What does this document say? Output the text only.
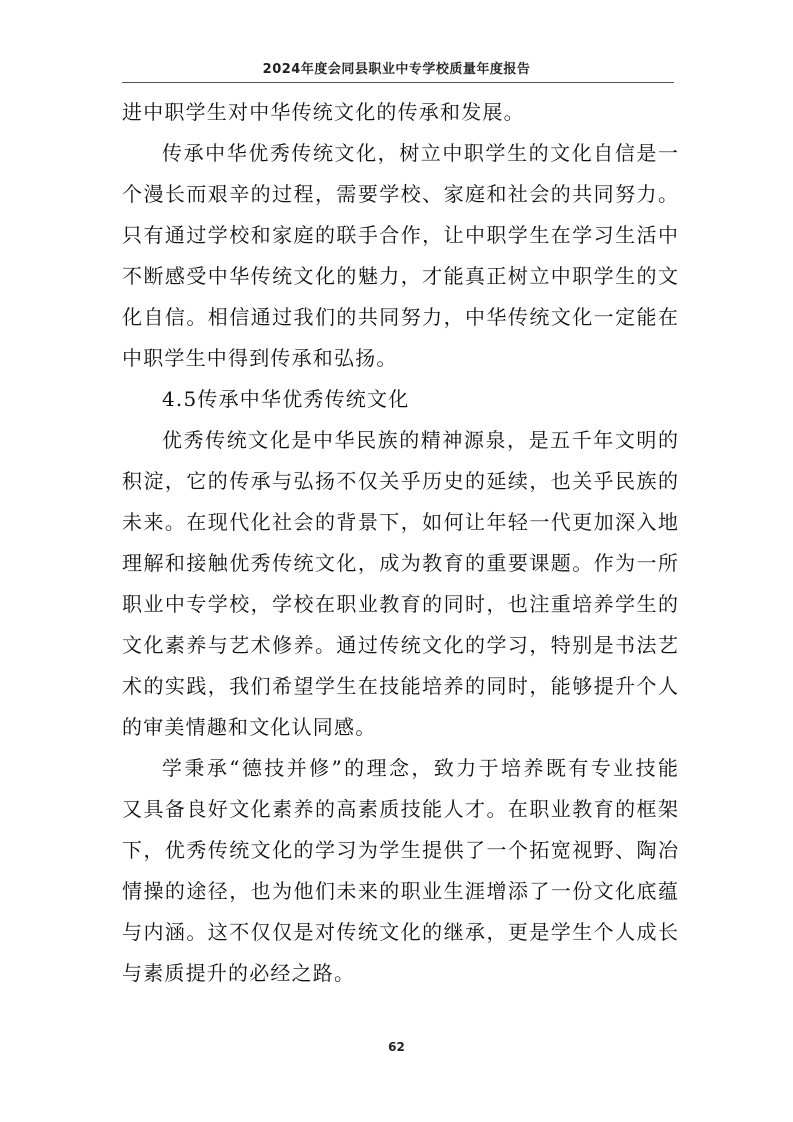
2024年度会同县职业中专学校质量年度报告
进中职学生对中华传统文化的传承和发展。
传承中华优秀传统文化，树立中职学生的文化自信是一
个漫长而艰辛的过程，需要学校、家庭和社会的共同努力。
只有通过学校和家庭的联手合作，让中职学生在学习生活中
不断感受中华传统文化的魅力，才能真正树立中职学生的文
化自信。相信通过我们的共同努力，中华传统文化一定能在
中职学生中得到传承和弘扬。
4.5传承中华优秀传统文化
优秀传统文化是中华民族的精神源泉，是五千年文明的
积淀，它的传承与弘扬不仅关乎历史的延续，也关乎民族的
未来。在现代化社会的背景下，如何让年轻一代更加深入地
理解和接触优秀传统文化，成为教育的重要课题。作为一所
职业中专学校，学校在职业教育的同时，也注重培养学生的
文化素养与艺术修养。通过传统文化的学习，特别是书法艺
术的实践，我们希望学生在技能培养的同时，能够提升个人
的审美情趣和文化认同感。
学秉承“德技并修”的理念，致力于培养既有专业技能
又具备良好文化素养的高素质技能人才。在职业教育的框架
下，优秀传统文化的学习为学生提供了一个拓宽视野、陶冶
情操的途径，也为他们未来的职业生涯增添了一份文化底蕴
与内涵。这不仅仅是对传统文化的继承，更是学生个人成长
与素质提升的必经之路。
62
